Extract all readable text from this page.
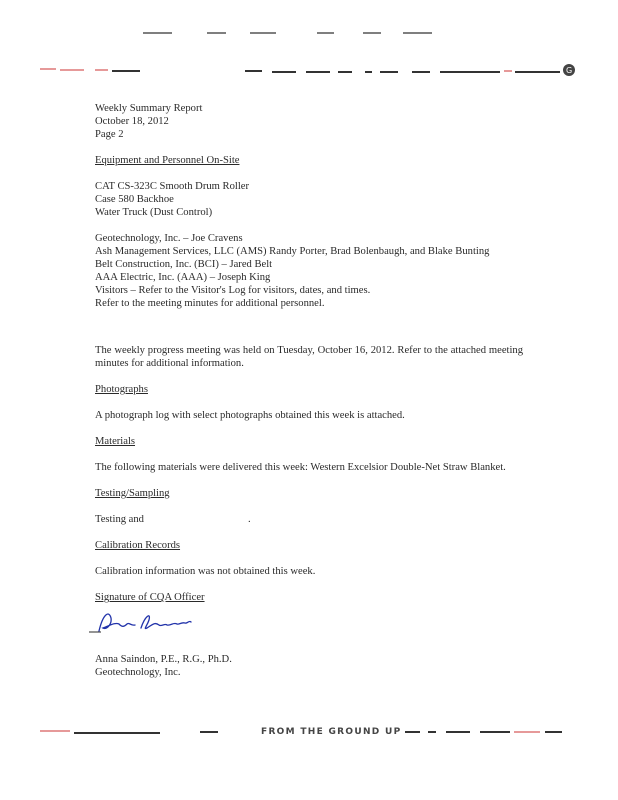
G
Weekly Summary Report
October 18, 2012
Page 2
Equipment and Personnel On-Site
CAT CS-323C Smooth Drum Roller
Case 580 Backhoe
Water Truck (Dust Control)
Geotechnology, Inc. – Joe Cravens
Ash Management Services, LLC (AMS) Randy Porter, Brad Bolenbaugh, and Blake Bunting
Belt Construction, Inc. (BCI) – Jared Belt
AAA Electric, Inc. (AAA) – Joseph King
Visitors – Refer to the Visitor's Log for visitors, dates, and times.
Refer to the meeting minutes for additional personnel.
The weekly progress meeting was held on Tuesday, October 16, 2012. Refer to the attached meeting minutes for additional information.
Photographs
A photograph log with select photographs obtained this week is attached.
Materials
The following materials were delivered this week: Western Excelsior Double-Net Straw Blanket.
Testing/Sampling
Testing and	.
Calibration Records
Calibration information was not obtained this week.
Signature of CQA Officer
Anna Saindon, P.E., R.G., Ph.D.
Geotechnology, Inc.
FROM THE GROUND UP
